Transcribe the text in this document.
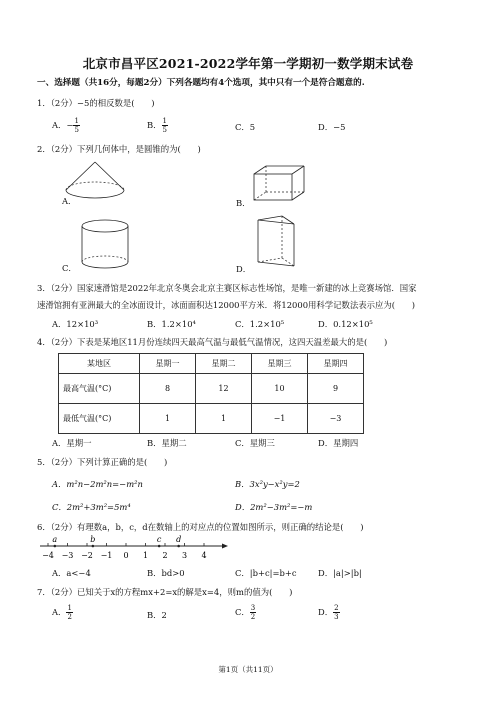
北京市昌平区2021-2022学年第一学期初一数学期末试卷
一、选择题（共16分，每题2分）下列各题均有4个选项，其中只有一个是符合题意的.
1．（2分）−5的相反数是(　　)
A．− $\frac{1}{5}$	B． $\frac{1}{5}$	C．5	D．−5
2．（2分）下列几何体中，是圆锥的为(　　)
A．	B．
C．	D．
3．（2分）国家速滑馆是2022年北京冬奥会北京主赛区标志性场馆，是唯一新建的冰上竞赛场馆．国家
速滑馆拥有亚洲最大的全冰面设计，冰面面积达12000平方米．将12000用科学记数法表示应为(　　)
A．12×10³	B．1.2×10⁴	C．1.2×10⁵	D．0.12×10⁵
4．（2分）下表是某地区11月份连续四天最高气温与最低气温情况，这四天温差最大的是(　　)
某地区	星期一	星期二	星期三	星期四
最高气温(°C)	8	12	10	9
最低气温(°C)	1	1	−1	−3
A．星期一	B．星期二	C．星期三	D．星期四
5．（2分）下列计算正确的是(　　)
A．m²n−2m²n=−m²n	B．3x²y−x²y=2
C．2m²+3m²=5m⁴	D．2m²−3m²=−m
6．（2分）有理数a，b，c，d在数轴上的对应点的位置如图所示，则正确的结论是(　　)
−4 −3 −2 −1 0 1 2 3 4
a	b	c d
A．a<−4	B．bd>0	C．|b+c|=b+c	D．|a|>|b|
7．（2分）已知关于x的方程mx+2=x的解是x=4，则m的值为(　　)
A． $\frac{1}{2}$	B．2	C． $\frac{3}{2}$	D． $\frac{2}{3}$
第1页（共11页）
